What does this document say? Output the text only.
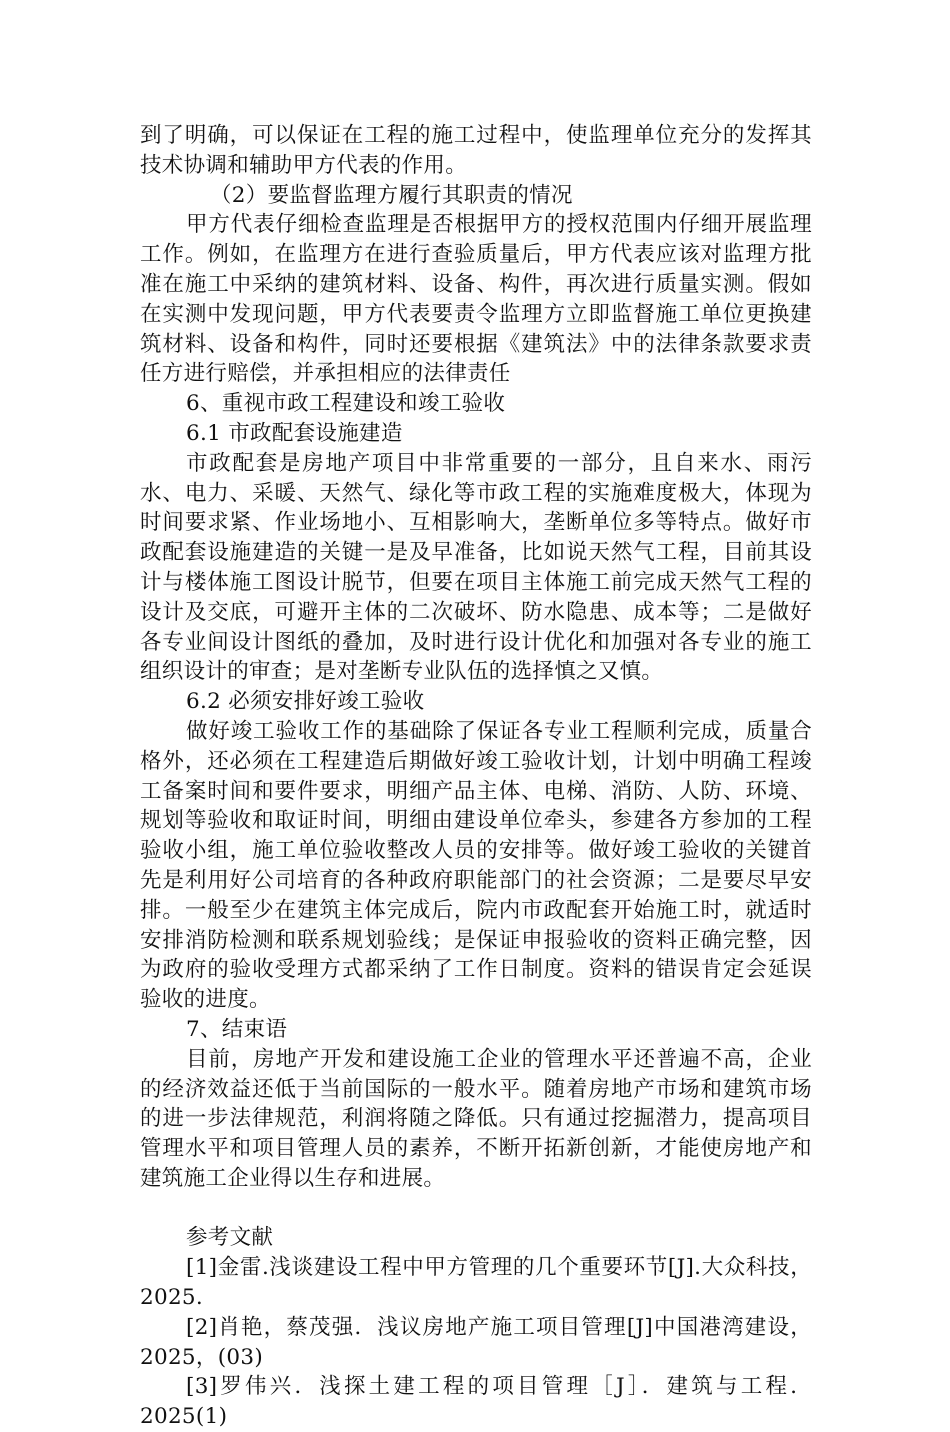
到了明确，可以保证在工程的施工过程中，使监理单位充分的发挥其技术协调和辅助甲方代表的作用。

（2）要监督监理方履行其职责的情况

甲方代表仔细检查监理是否根据甲方的授权范围内仔细开展监理工作。例如，在监理方在进行查验质量后，甲方代表应该对监理方批准在施工中采纳的建筑材料、设备、构件，再次进行质量实测。假如在实测中发现问题，甲方代表要责令监理方立即监督施工单位更换建筑材料、设备和构件，同时还要根据《建筑法》中的法律条款要求责任方进行赔偿，并承担相应的法律责任

6、重视市政工程建设和竣工验收

6.1 市政配套设施建造

市政配套是房地产项目中非常重要的一部分，且自来水、雨污水、电力、采暖、天然气、绿化等市政工程的实施难度极大，体现为时间要求紧、作业场地小、互相影响大，垄断单位多等特点。做好市政配套设施建造的关键一是及早准备，比如说天然气工程，目前其设计与楼体施工图设计脱节，但要在项目主体施工前完成天然气工程的设计及交底，可避开主体的二次破坏、防水隐患、成本等；二是做好各专业间设计图纸的叠加，及时进行设计优化和加强对各专业的施工组织设计的审查；是对垄断专业队伍的选择慎之又慎。

6.2 必须安排好竣工验收

做好竣工验收工作的基础除了保证各专业工程顺利完成，质量合格外，还必须在工程建造后期做好竣工验收计划，计划中明确工程竣工备案时间和要件要求，明细产品主体、电梯、消防、人防、环境、规划等验收和取证时间，明细由建设单位牵头，参建各方参加的工程验收小组，施工单位验收整改人员的安排等。做好竣工验收的关键首先是利用好公司培育的各种政府职能部门的社会资源；二是要尽早安排。一般至少在建筑主体完成后，院内市政配套开始施工时，就适时安排消防检测和联系规划验线；是保证申报验收的资料正确完整，因为政府的验收受理方式都采纳了工作日制度。资料的错误肯定会延误验收的进度。

7、结束语

目前，房地产开发和建设施工企业的管理水平还普遍不高，企业的经济效益还低于当前国际的一般水平。随着房地产市场和建筑市场的进一步法律规范，利润将随之降低。只有通过挖掘潜力，提高项目管理水平和项目管理人员的素养，不断开拓新创新，才能使房地产和建筑施工企业得以生存和进展。

参考文献

[1]金雷.浅谈建设工程中甲方管理的几个重要环节[J].大众科技，2025.

[2]肖艳，蔡茂强．浅议房地产施工项目管理[J]中国港湾建设，2025，(03)

[3]罗伟兴．浅探土建工程的项目管理［J］．建筑与工程．2025(1)
